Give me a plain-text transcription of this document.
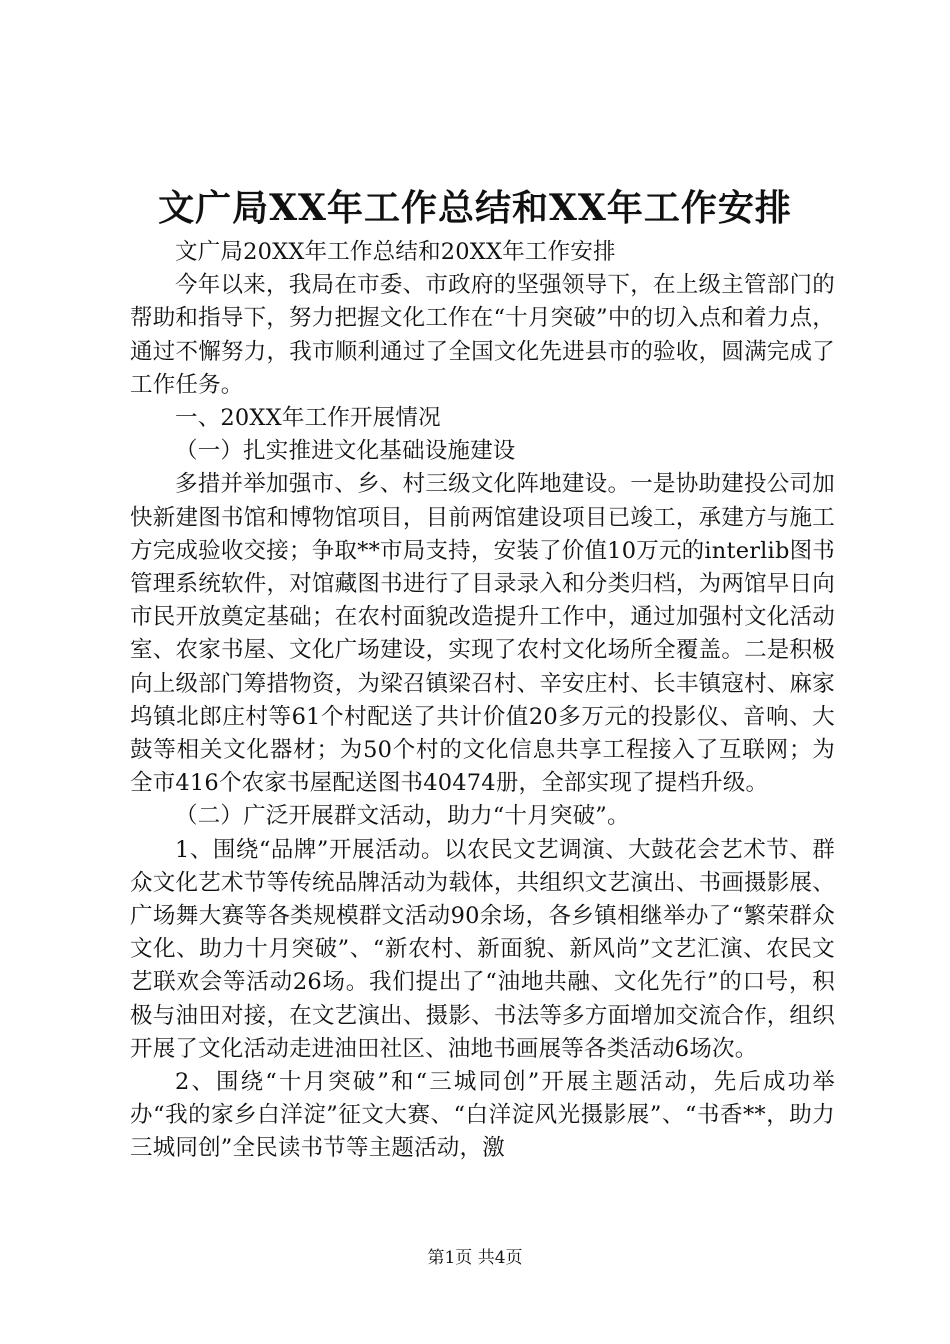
文广局XX年工作总结和XX年工作安排

文广局20XX年工作总结和20XX年工作安排

今年以来，我局在市委、市政府的坚强领导下，在上级主管部门的帮助和指导下，努力把握文化工作在“十月突破”中的切入点和着力点，通过不懈努力，我市顺利通过了全国文化先进县市的验收，圆满完成了工作任务。

一、20XX年工作开展情况

（一）扎实推进文化基础设施建设

多措并举加强市、乡、村三级文化阵地建设。一是协助建投公司加快新建图书馆和博物馆项目，目前两馆建设项目已竣工，承建方与施工方完成验收交接；争取**市局支持，安装了价值10万元的interlib图书管理系统软件，对馆藏图书进行了目录录入和分类归档，为两馆早日向市民开放奠定基础；在农村面貌改造提升工作中，通过加强村文化活动室、农家书屋、文化广场建设，实现了农村文化场所全覆盖。二是积极向上级部门筹措物资，为梁召镇梁召村、辛安庄村、长丰镇寇村、麻家坞镇北郎庄村等61个村配送了共计价值20多万元的投影仪、音响、大鼓等相关文化器材；为50个村的文化信息共享工程接入了互联网；为全市416个农家书屋配送图书40474册，全部实现了提档升级。

（二）广泛开展群文活动，助力“十月突破”。

1、围绕“品牌”开展活动。以农民文艺调演、大鼓花会艺术节、群众文化艺术节等传统品牌活动为载体，共组织文艺演出、书画摄影展、广场舞大赛等各类规模群文活动90余场，各乡镇相继举办了“繁荣群众文化、助力十月突破”、“新农村、新面貌、新风尚”文艺汇演、农民文艺联欢会等活动26场。我们提出了“油地共融、文化先行”的口号，积极与油田对接，在文艺演出、摄影、书法等多方面增加交流合作，组织开展了文化活动走进油田社区、油地书画展等各类活动6场次。

2、围绕“十月突破”和“三城同创”开展主题活动，先后成功举办“我的家乡白洋淀”征文大赛、“白洋淀风光摄影展”、“书香**，助力三城同创”全民读书节等主题活动，激

第1页 共4页
